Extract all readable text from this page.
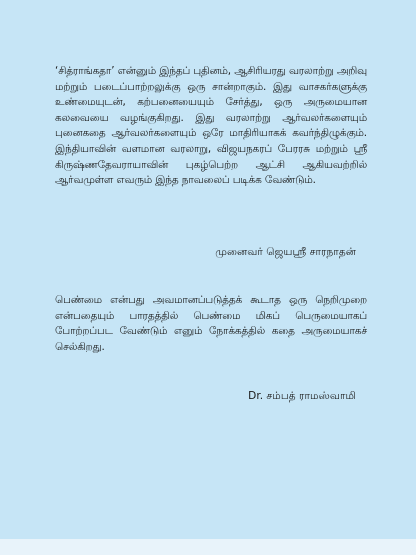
‘சித்ராங்கதா’ என்னும் இந்தப் புதினம், ஆசிரியரது வரலாற்று அறிவு மற்றும் படைப்பாற்றலுக்கு ஒரு சான்றாகும். இது வாசகர்களுக்கு உண்மையுடன், கற்பனையையும் சேர்த்து, ஒரு அருமையான கலவையை வழங்குகிறது. இது வரலாற்று ஆர்வலர்களையும் புனைகதை ஆர்வலர்களையும் ஒரே மாதிரியாகக் கவர்ந்திழுக்கும். இந்தியாவின் வளமான வரலாறு, விஜயநகரப் பேரரசு மற்றும் ஸ்ரீ கிருஷ்ணதேவராயாவின் புகழ்பெற்ற ஆட்சி ஆகியவற்றில் ஆர்வமுள்ள எவரும் இந்த நாவலைப் படிக்க வேண்டும்.

முனைவர் ஜெயஸ்ரீ சாரநாதன்

பெண்மை என்பது அவமானப்படுத்தக் கூடாத ஒரு நெறிமுறை என்பதையும் பாரதத்தில் பெண்மை மிகப் பெருமையாகப் போற்றப்பட வேண்டும் எனும் நோக்கத்தில் கதை அருமையாகச் செல்கிறது.

Dr. சம்பத் ராமஸ்வாமி
